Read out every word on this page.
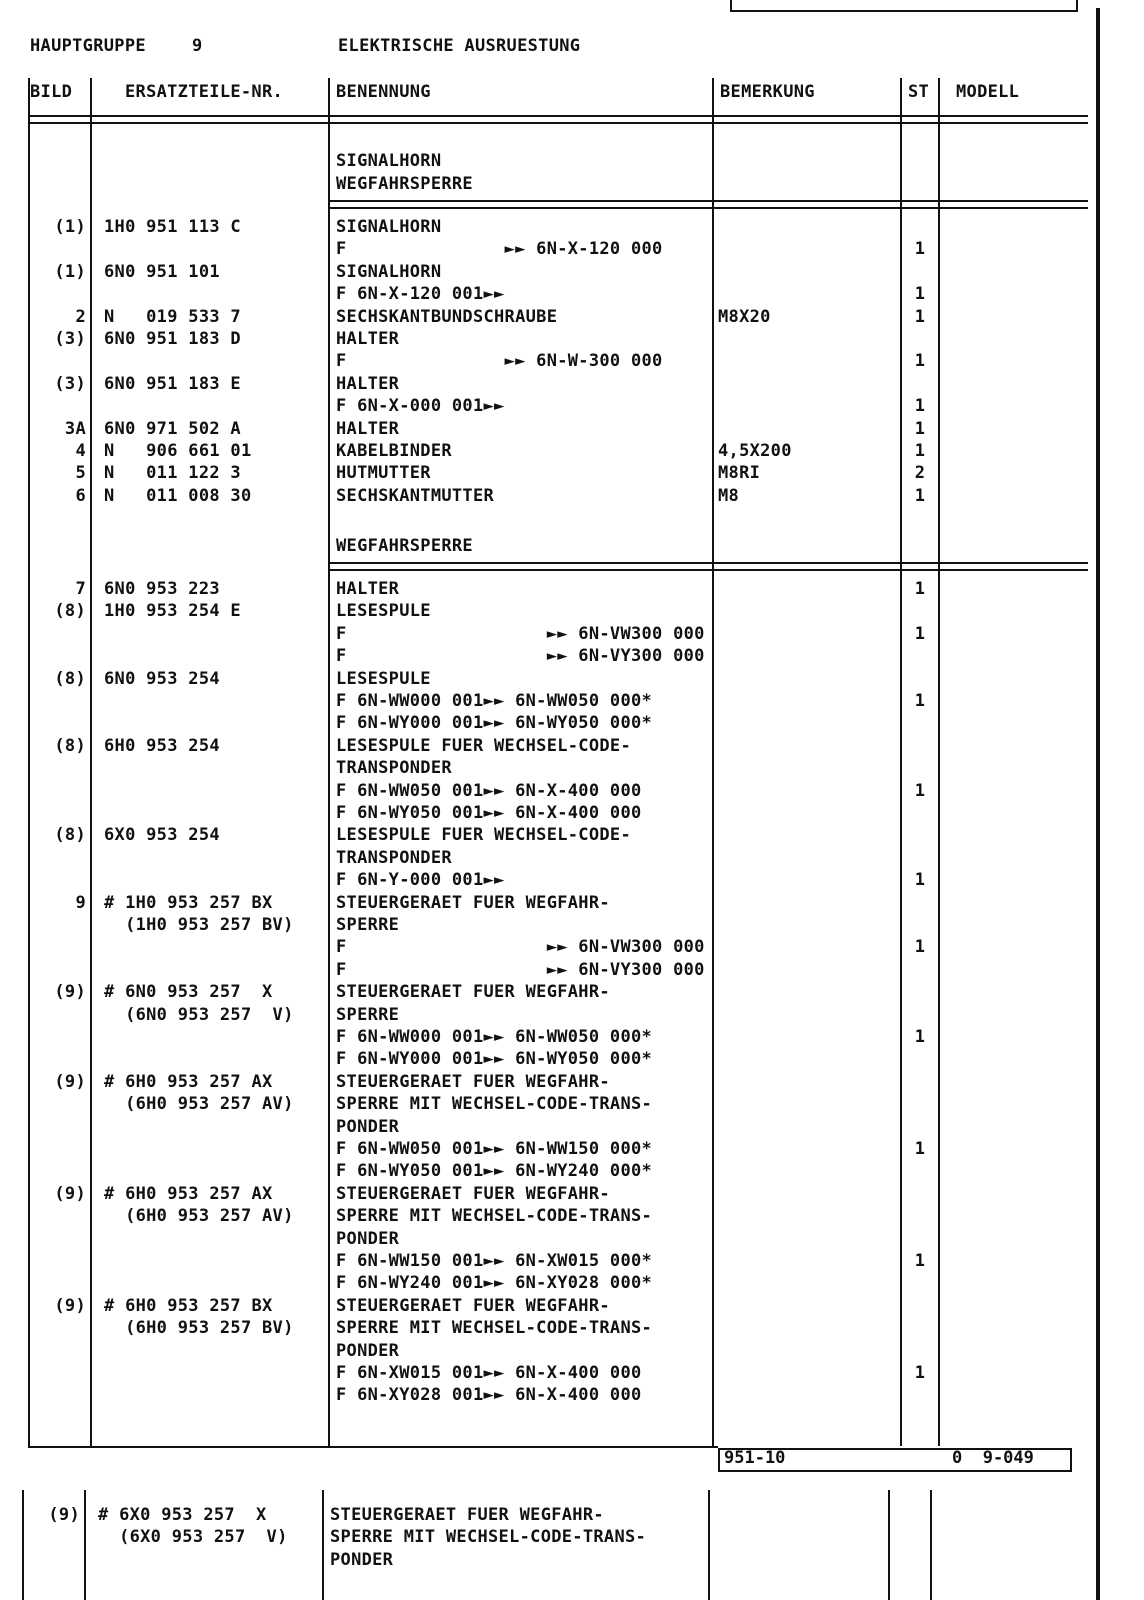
HAUPTGRUPPE	9	ELEKTRISCHE AUSRUESTUNG
BILD	ERSATZTEILE-NR.	BENENNUNG	BEMERKUNG	ST MODELL
SIGNALHORN
WEGFAHRSPERRE
WEGFAHRSPERRE
(1) 1H0 951 113 C	SIGNALHORN
F               ►► 6N-X-120 000	1
(1) 6N0 951 101	SIGNALHORN
F 6N-X-120 001►►	1
2 N   019 533 7	SECHSKANTBUNDSCHRAUBE	M8X20	1
(3) 6N0 951 183 D	HALTER
F               ►► 6N-W-300 000	1
(3) 6N0 951 183 E	HALTER
F 6N-X-000 001►►	1
3A 6N0 971 502 A	HALTER	1
4 N   906 661 01	KABELBINDER	4,5X200	1
5 N   011 122 3	HUTMUTTER	M8RI	2
6 N   011 008 30	SECHSKANTMUTTER	M8	1
7 6N0 953 223	HALTER	1
(8) 1H0 953 254 E	LESESPULE
F                   ►► 6N-VW300 000	1
F                   ►► 6N-VY300 000
(8) 6N0 953 254	LESESPULE
F 6N-WW000 001►► 6N-WW050 000*	1
F 6N-WY000 001►► 6N-WY050 000*
(8) 6H0 953 254	LESESPULE FUER WECHSEL-CODE-
TRANSPONDER
F 6N-WW050 001►► 6N-X-400 000	1
F 6N-WY050 001►► 6N-X-400 000
(8) 6X0 953 254	LESESPULE FUER WECHSEL-CODE-
TRANSPONDER
F 6N-Y-000 001►►	1
9 # 1H0 953 257 BX	STEUERGERAET FUER WEGFAHR-
(1H0 953 257 BV) SPERRE
F                   ►► 6N-VW300 000	1
F                   ►► 6N-VY300 000
(9) # 6N0 953 257  X	STEUERGERAET FUER WEGFAHR-
(6N0 953 257  V) SPERRE
F 6N-WW000 001►► 6N-WW050 000*	1
F 6N-WY000 001►► 6N-WY050 000*
(9) # 6H0 953 257 AX	STEUERGERAET FUER WEGFAHR-
(6H0 953 257 AV) SPERRE MIT WECHSEL-CODE-TRANS-
PONDER
F 6N-WW050 001►► 6N-WW150 000*	1
F 6N-WY050 001►► 6N-WY240 000*
(9) # 6H0 953 257 AX	STEUERGERAET FUER WEGFAHR-
(6H0 953 257 AV) SPERRE MIT WECHSEL-CODE-TRANS-
PONDER
F 6N-WW150 001►► 6N-XW015 000*	1
F 6N-WY240 001►► 6N-XY028 000*
(9) # 6H0 953 257 BX	STEUERGERAET FUER WEGFAHR-
(6H0 953 257 BV) SPERRE MIT WECHSEL-CODE-TRANS-
PONDER
F 6N-XW015 001►► 6N-X-400 000	1
F 6N-XY028 001►► 6N-X-400 000
951-10	0  9-049
(9) # 6X0 953 257  X	STEUERGERAET FUER WEGFAHR-
(6X0 953 257  V) SPERRE MIT WECHSEL-CODE-TRANS-
PONDER
